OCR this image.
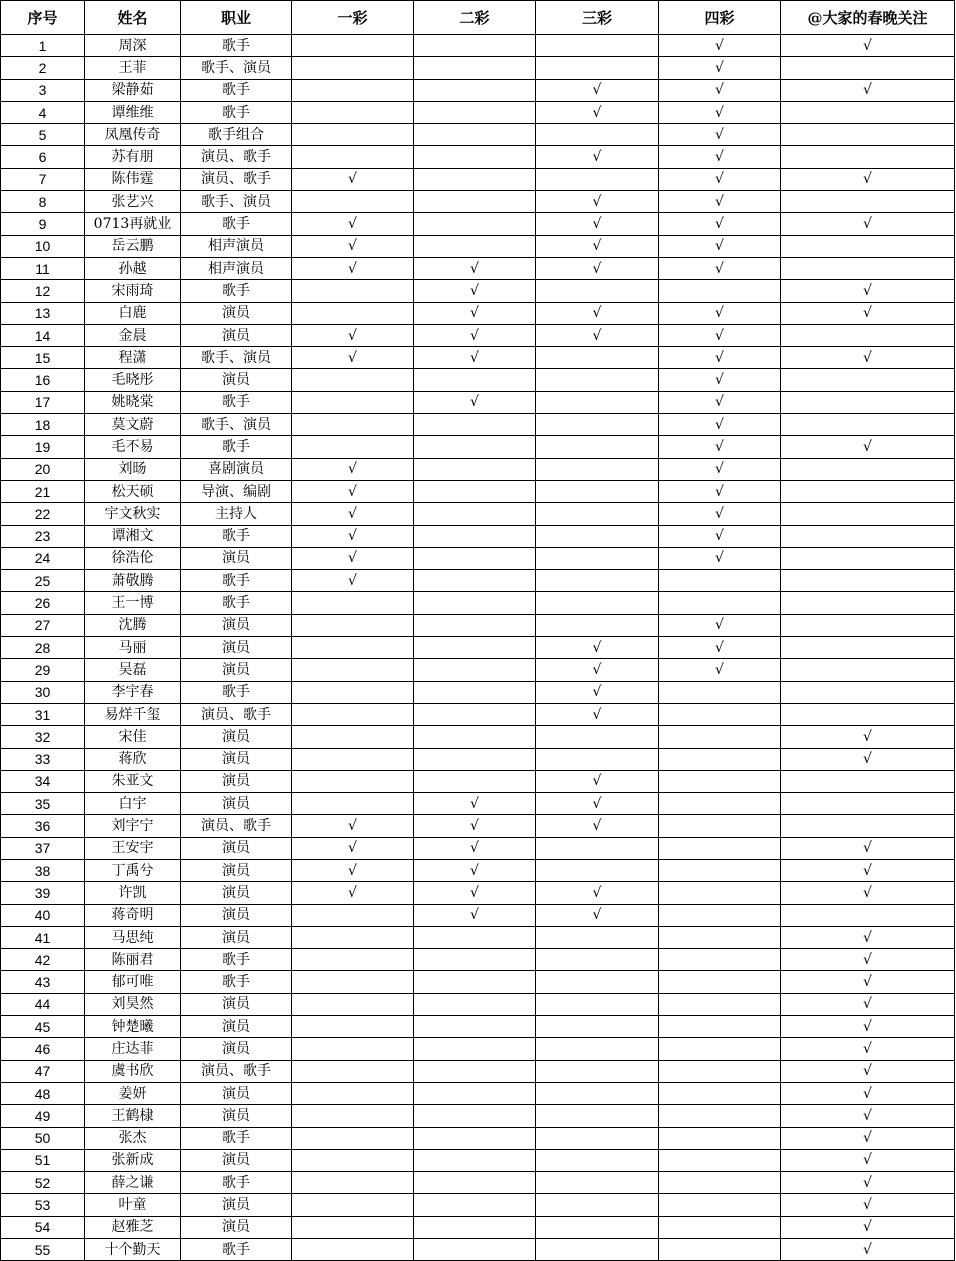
序号	姓名	职业	一彩	二彩	三彩	四彩	@大家的春晚关注
1	周深	歌手				√	√
2	王菲	歌手、演员				√	
3	梁静茹	歌手			√	√	√
4	谭维维	歌手			√	√	
5	凤凰传奇	歌手组合				√	
6	苏有朋	演员、歌手			√	√	
7	陈伟霆	演员、歌手	√			√	√
8	张艺兴	歌手、演员			√	√	
9	0713再就业	歌手	√		√	√	√
10	岳云鹏	相声演员	√		√	√	
11	孙越	相声演员	√	√	√	√	
12	宋雨琦	歌手		√			√
13	白鹿	演员		√	√	√	√
14	金晨	演员	√	√	√	√	
15	程潇	歌手、演员	√	√		√	√
16	毛晓彤	演员				√	
17	姚晓棠	歌手		√		√	
18	莫文蔚	歌手、演员				√	
19	毛不易	歌手				√	√
20	刘旸	喜剧演员	√			√	
21	松天硕	导演、编剧	√			√	
22	宇文秋实	主持人	√			√	
23	谭湘文	歌手	√			√	
24	徐浩伦	演员	√			√	
25	萧敬腾	歌手	√				
26	王一博	歌手					
27	沈腾	演员				√	
28	马丽	演员			√	√	
29	吴磊	演员			√	√	
30	李宇春	歌手			√		
31	易烊千玺	演员、歌手			√		
32	宋佳	演员					√
33	蒋欣	演员					√
34	朱亚文	演员			√		
35	白宇	演员		√	√		
36	刘宇宁	演员、歌手	√	√	√		
37	王安宇	演员	√	√			√
38	丁禹兮	演员	√	√			√
39	许凯	演员	√	√	√		√
40	蒋奇明	演员		√	√		
41	马思纯	演员					√
42	陈丽君	歌手					√
43	郁可唯	歌手					√
44	刘昊然	演员					√
45	钟楚曦	演员					√
46	庄达菲	演员					√
47	虞书欣	演员、歌手					√
48	姜妍	演员					√
49	王鹤棣	演员					√
50	张杰	歌手					√
51	张新成	演员					√
52	薛之谦	歌手					√
53	叶童	演员					√
54	赵雅芝	演员					√
55	十个勤天	歌手					√
